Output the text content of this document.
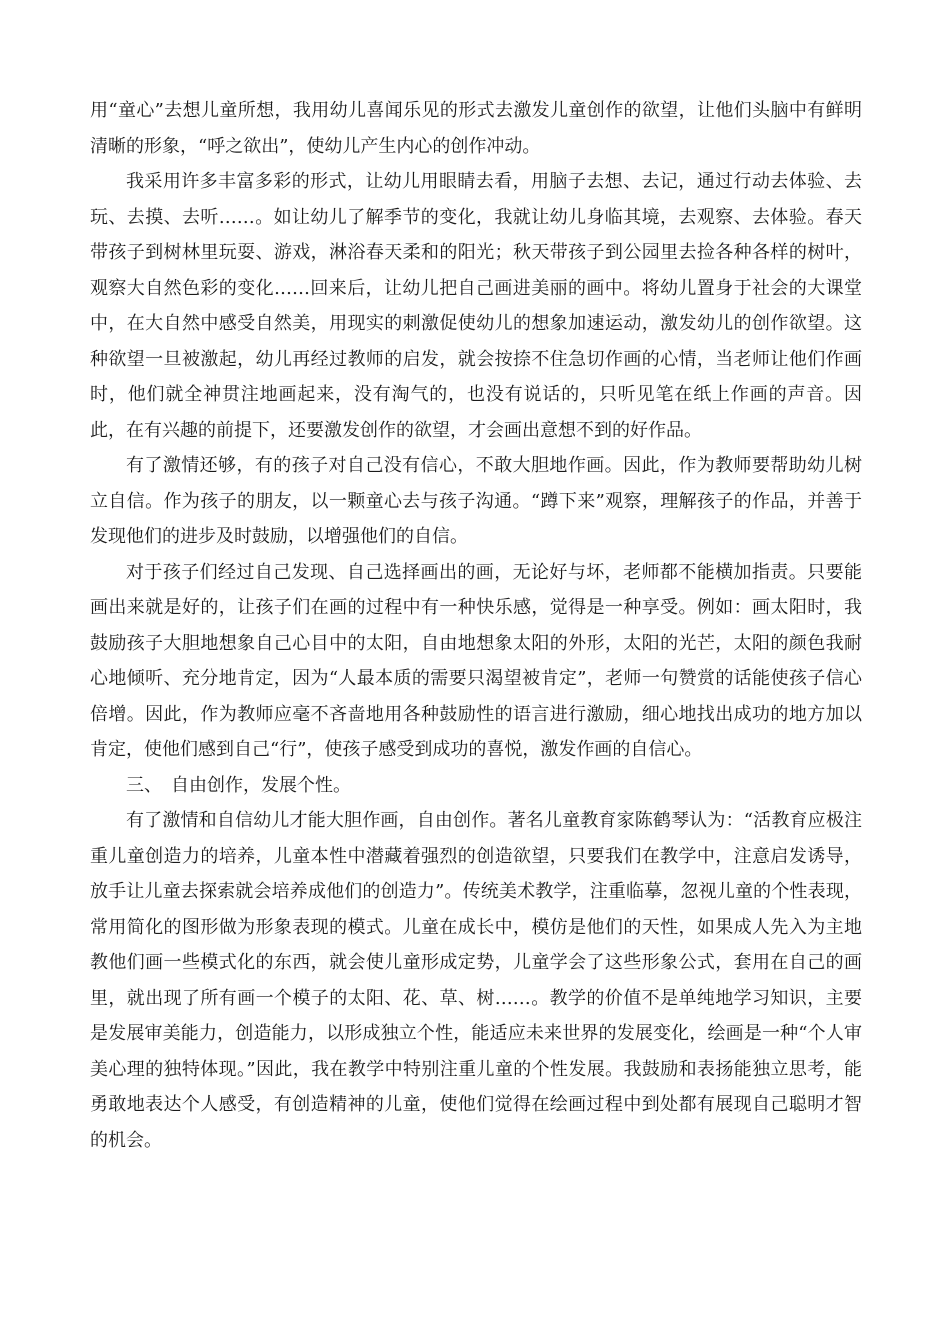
用“童心”去想儿童所想，我用幼儿喜闻乐见的形式去激发儿童创作的欲望，让他们头脑中有鲜明清晰的形象，“呼之欲出”，使幼儿产生内心的创作冲动。

我采用许多丰富多彩的形式，让幼儿用眼睛去看，用脑子去想、去记，通过行动去体验、去玩、去摸、去听……。如让幼儿了解季节的变化，我就让幼儿身临其境，去观察、去体验。春天带孩子到树林里玩耍、游戏，淋浴春天柔和的阳光；秋天带孩子到公园里去捡各种各样的树叶，观察大自然色彩的变化……回来后，让幼儿把自己画进美丽的画中。将幼儿置身于社会的大课堂中，在大自然中感受自然美，用现实的刺激促使幼儿的想象加速运动，激发幼儿的创作欲望。这种欲望一旦被激起，幼儿再经过教师的启发，就会按捺不住急切作画的心情，当老师让他们作画时，他们就全神贯注地画起来，没有淘气的，也没有说话的，只听见笔在纸上作画的声音。因此，在有兴趣的前提下，还要激发创作的欲望，才会画出意想不到的好作品。

有了激情还够，有的孩子对自己没有信心，不敢大胆地作画。因此，作为教师要帮助幼儿树立自信。作为孩子的朋友，以一颗童心去与孩子沟通。“蹲下来”观察，理解孩子的作品，并善于发现他们的进步及时鼓励，以增强他们的自信。

对于孩子们经过自己发现、自己选择画出的画，无论好与坏，老师都不能横加指责。只要能画出来就是好的，让孩子们在画的过程中有一种快乐感，觉得是一种享受。例如：画太阳时，我鼓励孩子大胆地想象自己心目中的太阳，自由地想象太阳的外形，太阳的光芒，太阳的颜色我耐心地倾听、充分地肯定，因为“人最本质的需要只渴望被肯定”，老师一句赞赏的话能使孩子信心倍增。因此，作为教师应毫不吝啬地用各种鼓励性的语言进行激励，细心地找出成功的地方加以肯定，使他们感到自己“行”，使孩子感受到成功的喜悦，激发作画的自信心。

三、　自由创作，发展个性。

有了激情和自信幼儿才能大胆作画，自由创作。著名儿童教育家陈鹤琴认为：“活教育应极注重儿童创造力的培养，儿童本性中潜藏着强烈的创造欲望，只要我们在教学中，注意启发诱导，放手让儿童去探索就会培养成他们的创造力”。传统美术教学，注重临摹，忽视儿童的个性表现，常用简化的图形做为形象表现的模式。儿童在成长中，模仿是他们的天性，如果成人先入为主地教他们画一些模式化的东西，就会使儿童形成定势，儿童学会了这些形象公式，套用在自己的画里，就出现了所有画一个模子的太阳、花、草、树……。教学的价值不是单纯地学习知识，主要是发展审美能力，创造能力，以形成独立个性，能适应未来世界的发展变化，绘画是一种“个人审美心理的独特体现。”因此，我在教学中特别注重儿童的个性发展。我鼓励和表扬能独立思考，能勇敢地表达个人感受，有创造精神的儿童，使他们觉得在绘画过程中到处都有展现自己聪明才智的机会。
